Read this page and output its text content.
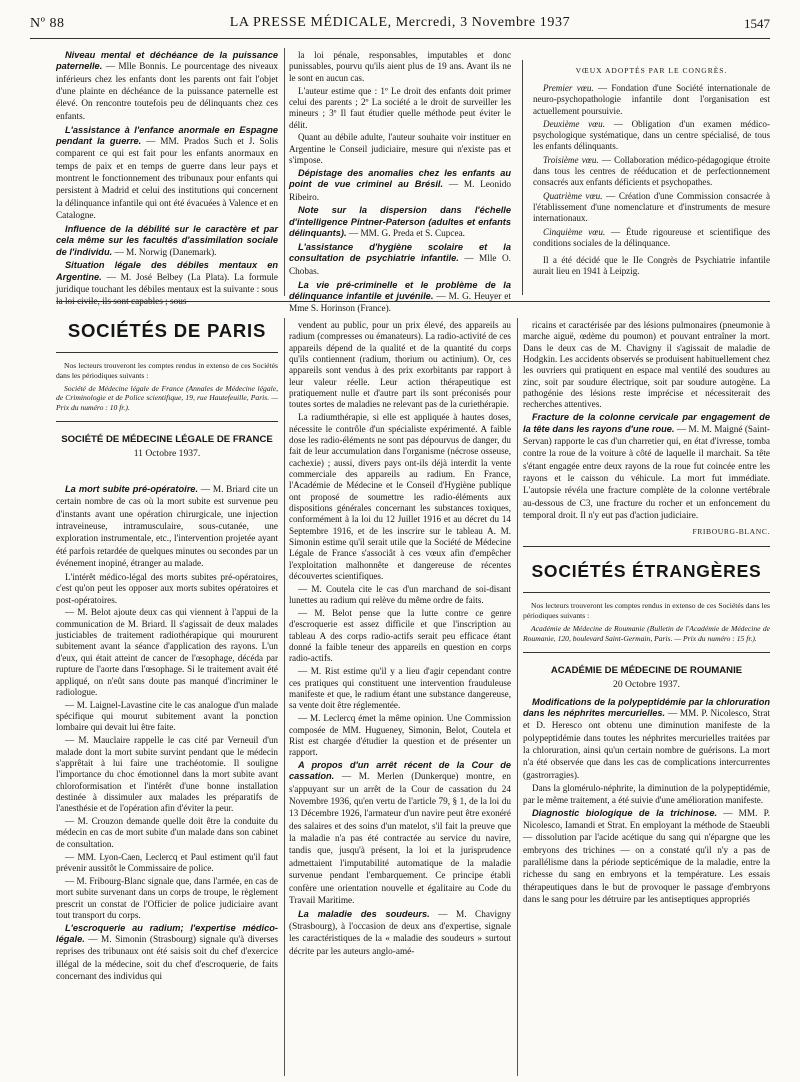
Nº 88	LA PRESSE MÉDICALE, Mercredi, 3 Novembre 1937	1547

Niveau mental et déchéance de la puissance paternelle. — Mlle Bonnis. Le pourcentage des niveaux inférieurs chez les enfants dont les parents ont fait l'objet d'une plainte en déchéance de la puissance paternelle est élevé. On rencontre toutefois peu de délinquants chez ces enfants.

L'assistance à l'enfance anormale en Espagne pendant la guerre. — MM. Prados Such et J. Solis comparent ce qui est fait pour les enfants anormaux en temps de paix et en temps de guerre dans leur pays et montrent le fonctionnement des tribunaux pour enfants qui persistent à Madrid et celui des institutions qui concernent la délinquance infantile qui ont été évacuées à Valence et en Catalogne.

Influence de la débilité sur le caractère et par cela même sur les facultés d'assimilation sociale de l'individu. — M. Norwig (Danemark).

Situation légale des débiles mentaux en Argentine. — M. José Belbey (La Plata). La formule juridique touchant les débiles mentaux est la suivante : sous la loi civile, ils sont capables ; sous

la loi pénale, responsables, imputables et donc punissables, pourvu qu'ils aient plus de 19 ans. Avant ils ne le sont en aucun cas.

L'auteur estime que : 1º Le droit des enfants doit primer celui des parents ; 2º La société a le droit de surveiller les mineurs ; 3º Il faut étudier quelle méthode peut éviter le délit.

Quant au débile adulte, l'auteur souhaite voir instituer en Argentine le Conseil judiciaire, mesure qui n'existe pas et s'impose.

Dépistage des anomalies chez les enfants au point de vue criminel au Brésil. — M. Leonido Ribeiro.

Note sur la dispersion dans l'échelle d'intelligence Pintner-Paterson (adultes et enfants délinquants). — MM. G. Preda et S. Cupcea.

L'assistance d'hygiène scolaire et la consultation de psychiatrie infantile. — Mlle O. Chobas.

La vie pré-criminelle et le problème de la délinquance infantile et juvénile. — M. G. Heuyer et Mme S. Horinson (France).

VŒUX ADOPTÉS PAR LE CONGRÈS.

Premier vœu. — Fondation d'une Société internationale de neuro-psychopathologie infantile dont l'organisation est actuellement poursuivie.

Deuxième vœu. — Obligation d'un examen médico-psychologique systématique, dans un centre spécialisé, de tous les enfants délinquants.

Troisième vœu. — Collaboration médico-pédagogique étroite dans tous les centres de rééducation et de perfectionnement consacrés aux enfants déficients et psychopathes.

Quatrième vœu. — Création d'une Commission consacrée à l'établissement d'une nomenclature et d'instruments de mesure internationaux.

Cinquième vœu. — Étude rigoureuse et scientifique des conditions sociales de la délinquance.

Il a été décidé que le IIe Congrès de Psychiatrie infantile aurait lieu en 1941 à Leipzig.

SOCIÉTÉS DE PARIS

Nos lecteurs trouveront les comptes rendus in extenso de ces Sociétés dans les périodiques suivants :

Société de Médecine légale de France (Annales de Médecine légale, de Criminologie et de Police scientifique, 19, rue Hautefeuille, Paris. — Prix du numéro : 10 fr.).

SOCIÉTÉ DE MÉDECINE LÉGALE DE FRANCE
11 Octobre 1937.

La mort subite pré-opératoire. — M. Briard cite un certain nombre de cas où la mort subite est survenue peu d'instants avant une opération chirurgicale, une injection intraveineuse, intramusculaire, sous-cutanée, une exploration instrumentale, etc., l'intervention projetée ayant été parfois retardée de quelques minutes ou secondes par un événement inopiné, étranger au malade.

L'intérêt médico-légal des morts subites pré-opératoires, c'est qu'on peut les opposer aux morts subites opératoires et post-opératoires.

— M. Belot ajoute deux cas qui viennent à l'appui de la communication de M. Briard. Il s'agissait de deux malades justiciables de traitement radiothérapique qui moururent subitement avant la séance d'application des rayons. L'un d'eux, qui était atteint de cancer de l'œsophage, décéda par rupture de l'aorte dans l'œsophage. Si le traitement avait été appliqué, on n'eût sans doute pas manqué d'incriminer le radiologue.

— M. Laignel-Lavastine cite le cas analogue d'un malade spécifique qui mourut subitement avant la ponction lombaire qui devait lui être faite.

— M. Mauclaire rappelle le cas cité par Verneuil d'un malade dont la mort subite survint pendant que le médecin s'apprêtait à lui faire une trachéotomie. Il souligne l'importance du choc émotionnel dans la mort subite avant chloroformisation et l'intérêt d'une bonne installation destinée à dissimuler aux malades les préparatifs de l'anesthésie et de l'opération afin d'éviter la peur.

— M. Crouzon demande quelle doit être la conduite du médecin en cas de mort subite d'un malade dans son cabinet de consultation.

— MM. Lyon-Caen, Leclercq et Paul estiment qu'il faut prévenir aussitôt le Commissaire de police.

— M. Fribourg-Blanc signale que, dans l'armée, en cas de mort subite survenant dans un corps de troupe, le règlement prescrit un constat de l'Officier de police judiciaire avant tout transport du corps.

L'escroquerie au radium; l'expertise médico-légale. — M. Simonin (Strasbourg) signale qu'à diverses reprises des tribunaux ont été saisis soit du chef d'exercice illégal de la médecine, soit du chef d'escroquerie, de faits concernant des individus qui

vendent au public, pour un prix élevé, des appareils au radium (compresses ou émanateurs). La radio-activité de ces appareils dépend de la qualité et de la quantité du corps qu'ils contiennent (radium, thorium ou actinium). Or, ces appareils sont vendus à des prix exorbitants par rapport à leur valeur réelle. Leur action thérapeutique est pratiquement nulle et d'autre part ils sont préconisés pour toutes sortes de maladies ne relevant pas de la curiethérapie.

La radiumthérapie, si elle est appliquée à hautes doses, nécessite le contrôle d'un spécialiste expérimenté. A faible dose les radio-éléments ne sont pas dépourvus de danger, du fait de leur accumulation dans l'organisme (nécrose osseuse, cachexie) ; aussi, divers pays ont-ils déjà interdit la vente commerciale des appareils au radium. En France, l'Académie de Médecine et le Conseil d'Hygiène publique ont proposé de soumettre les radio-éléments aux dispositions générales concernant les substances toxiques, conformément à la loi du 12 Juillet 1916 et au décret du 14 Septembre 1916, et de les inscrire sur le tableau A. M. Simonin estime qu'il serait utile que la Société de Médecine Légale de France s'associât à ces vœux afin d'empêcher l'exploitation malhonnête et dangereuse de récentes découvertes scientifiques.

— M. Coutela cite le cas d'un marchand de soi-disant lunettes au radium qui relève du même ordre de faits.

— M. Belot pense que la lutte contre ce genre d'escroquerie est assez difficile et que l'inscription au tableau A des corps radio-actifs serait peu efficace étant donné la faible teneur des appareils en question en corps radio-actifs.

— M. Rist estime qu'il y a lieu d'agir cependant contre ces pratiques qui constituent une intervention frauduleuse manifeste et que, le radium étant une substance dangereuse, sa vente doit être réglementée.

— M. Leclercq émet la même opinion. Une Commission composée de MM. Hugueney, Simonin, Belot, Coutela et Rist est chargée d'étudier la question et de présenter un rapport.

A propos d'un arrêt récent de la Cour de cassation. — M. Merlen (Dunkerque) montre, en s'appuyant sur un arrêt de la Cour de cassation du 24 Novembre 1936, qu'en vertu de l'article 79, § 1, de la loi du 13 Décembre 1926, l'armateur d'un navire peut être exonéré des salaires et des soins d'un matelot, s'il fait la preuve que la maladie n'a pas été contractée au service du navire, tandis que, jusqu'à présent, la loi et la jurisprudence admettaient l'imputabilité automatique de la maladie survenue pendant l'embarquement. Ce principe établi confère une orientation nouvelle et égalitaire au Code du Travail Maritime.

La maladie des soudeurs. — M. Chavigny (Strasbourg), à l'occasion de deux ans d'expertise, signale les caractéristiques de la « maladie des soudeurs » surtout décrite par les auteurs anglo-amé-

ricains et caractérisée par des lésions pulmonaires (pneumonie à marche aiguë, œdème du poumon) et pouvant entraîner la mort. Dans le deux cas de M. Chavigny il s'agissait de maladie de Hodgkin. Les accidents observés se produisent habituellement chez les ouvriers qui pratiquent en espace mal ventilé des soudures au zinc, soit par soudure électrique, soit par soudure autogène. La pathogénie des lésions reste imprécise et nécessiterait des recherches attentives.

Fracture de la colonne cervicale par engagement de la tête dans les rayons d'une roue. — M. M. Maigné (Saint-Servan) rapporte le cas d'un charretier qui, en état d'ivresse, tomba contre la roue de la voiture à côté de laquelle il marchait. Sa tête s'étant engagée entre deux rayons de la roue fut coincée entre les rayons et le caisson du véhicule. La mort fut immédiate. L'autopsie révéla une fracture complète de la colonne vertébrale au-dessous de C3, une fracture du rocher et un enfoncement du temporal droit. Il n'y eut pas d'action judiciaire.

FRIBOURG-BLANC.
SOCIÉTÉS ÉTRANGÈRES

Nos lecteurs trouveront les comptes rendus in extenso de ces Sociétés dans les périodiques suivants :

Académie de Médecine de Roumanie (Bulletin de l'Académie de Médecine de Roumanie, 120, boulevard Saint-Germain, Paris. — Prix du numéro : 15 fr.).

ACADÉMIE DE MÉDECINE DE ROUMANIE
20 Octobre 1937.

Modifications de la polypeptidémie par la chloruration dans les néphrites mercurielles. — MM. P. Nicolesco, Strat et D. Heresco ont obtenu une diminution manifeste de la polypeptidémie dans toutes les néphrites mercurielles traitées par la chloruration, ainsi qu'un certain nombre de guérisons. La mort n'a été observée que dans les cas de complications intercurrentes (gastrorragies).

Dans la glomérulo-néphrite, la diminution de la polypeptidémie, par le même traitement, a été suivie d'une amélioration manifeste.

Diagnostic biologique de la trichinose. — MM. P. Nicolesco, Iamandi et Strat. En employant la méthode de Staeubli — dissolution par l'acide acétique du sang qui n'épargne que les embryons des trichines — on a constaté qu'il n'y a pas de parallélisme dans la période septicémique de la maladie, entre la richesse du sang en embryons et la température. Les essais thérapeutiques dans le but de provoquer le passage d'embryons dans le sang pour les détruire par les antiseptiques appropriés
